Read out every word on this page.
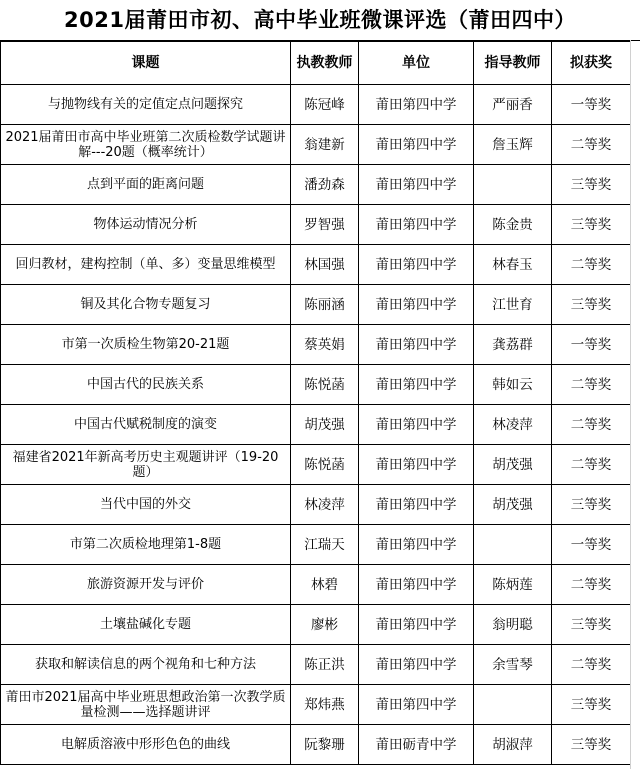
2021届莆田市初、高中毕业班微课评选（莆田四中）
课题	执教教师	单位	指导教师	拟获奖
与抛物线有关的定值定点问题探究	陈冠峰	莆田第四中学	严丽香	一等奖
2021届莆田市高中毕业班第二次质检数学试题讲解---20题（概率统计）	翁建新	莆田第四中学	詹玉辉	二等奖
点到平面的距离问题	潘劲森	莆田第四中学		三等奖
物体运动情况分析	罗智强	莆田第四中学	陈金贵	三等奖
回归教材，建构控制（单、多）变量思维模型	林国强	莆田第四中学	林春玉	二等奖
铜及其化合物专题复习	陈丽涵	莆田第四中学	江世育	三等奖
市第一次质检生物第20-21题	蔡英娟	莆田第四中学	龚荔群	一等奖
中国古代的民族关系	陈悦菡	莆田第四中学	韩如云	二等奖
中国古代赋税制度的演变	胡茂强	莆田第四中学	林凌萍	二等奖
福建省2021年新高考历史主观题讲评（19-20题）	陈悦菡	莆田第四中学	胡茂强	二等奖
当代中国的外交	林凌萍	莆田第四中学	胡茂强	三等奖
市第二次质检地理第1-8题	江瑞天	莆田第四中学		一等奖
旅游资源开发与评价	林碧	莆田第四中学	陈炳莲	二等奖
土壤盐碱化专题	廖彬	莆田第四中学	翁明聪	三等奖
获取和解读信息的两个视角和七种方法	陈正洪	莆田第四中学	余雪琴	二等奖
莆田市2021届高中毕业班思想政治第一次教学质量检测——选择题讲评	郑炜燕	莆田第四中学		三等奖
电解质溶液中形形色色的曲线	阮黎珊	莆田砺青中学	胡淑萍	三等奖
